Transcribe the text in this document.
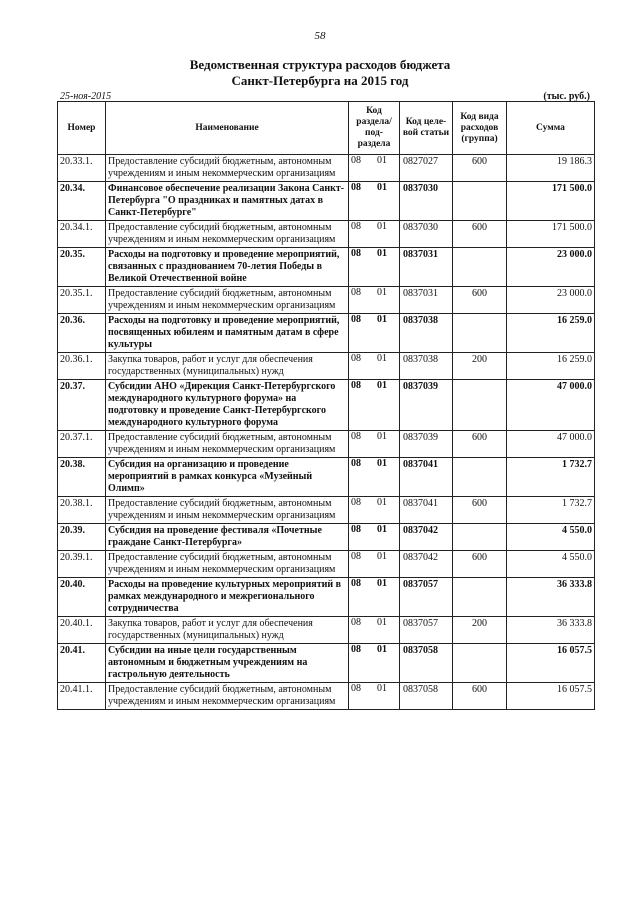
58
Ведомственная структура расходов бюджета
Санкт-Петербурга на 2015 год
25-ноя-2015	(тыс. руб.)
Номер	Наименование	Код раздела/ под-раздела	Код целе-вой статьи	Код вида расходов (группа)	Сумма
20.33.1.	Предоставление субсидий бюджетным, автономным учреждениям и иным некоммерческим организациям	08 01	0827027	600	19 186.3
20.34.	Финансовое обеспечение реализации Закона Санкт-Петербурга "О праздниках и памятных датах в Санкт-Петербурге"	08 01	0837030		171 500.0
20.34.1.	Предоставление субсидий бюджетным, автономным учреждениям и иным некоммерческим организациям	08 01	0837030	600	171 500.0
20.35.	Расходы на подготовку и проведение мероприятий, связанных с празднованием 70-летия Победы в Великой Отечественной войне	08 01	0837031		23 000.0
20.35.1.	Предоставление субсидий бюджетным, автономным учреждениям и иным некоммерческим организациям	08 01	0837031	600	23 000.0
20.36.	Расходы на подготовку и проведение мероприятий, посвященных юбилеям и памятным датам в сфере культуры	08 01	0837038		16 259.0
20.36.1.	Закупка товаров, работ и услуг для обеспечения государственных (муниципальных) нужд	08 01	0837038	200	16 259.0
20.37.	Субсидии АНО «Дирекция Санкт-Петербургского международного культурного форума» на подготовку и проведение Санкт-Петербургского международного культурного форума	08 01	0837039		47 000.0
20.37.1.	Предоставление субсидий бюджетным, автономным учреждениям и иным некоммерческим организациям	08 01	0837039	600	47 000.0
20.38.	Субсидия на организацию и проведение мероприятий в рамках конкурса «Музейный Олимп»	08 01	0837041		1 732.7
20.38.1.	Предоставление субсидий бюджетным, автономным учреждениям и иным некоммерческим организациям	08 01	0837041	600	1 732.7
20.39.	Субсидия на проведение фестиваля «Почетные граждане Санкт-Петербурга»	08 01	0837042		4 550.0
20.39.1.	Предоставление субсидий бюджетным, автономным учреждениям и иным некоммерческим организациям	08 01	0837042	600	4 550.0
20.40.	Расходы на проведение культурных мероприятий в рамках международного и межрегионального сотрудничества	08 01	0837057		36 333.8
20.40.1.	Закупка товаров, работ и услуг для обеспечения государственных (муниципальных) нужд	08 01	0837057	200	36 333.8
20.41.	Субсидии на иные цели государственным автономным и бюджетным учреждениям на гастрольную деятельность	08 01	0837058		16 057.5
20.41.1.	Предоставление субсидий бюджетным, автономным учреждениям и иным некоммерческим организациям	08 01	0837058	600	16 057.5
